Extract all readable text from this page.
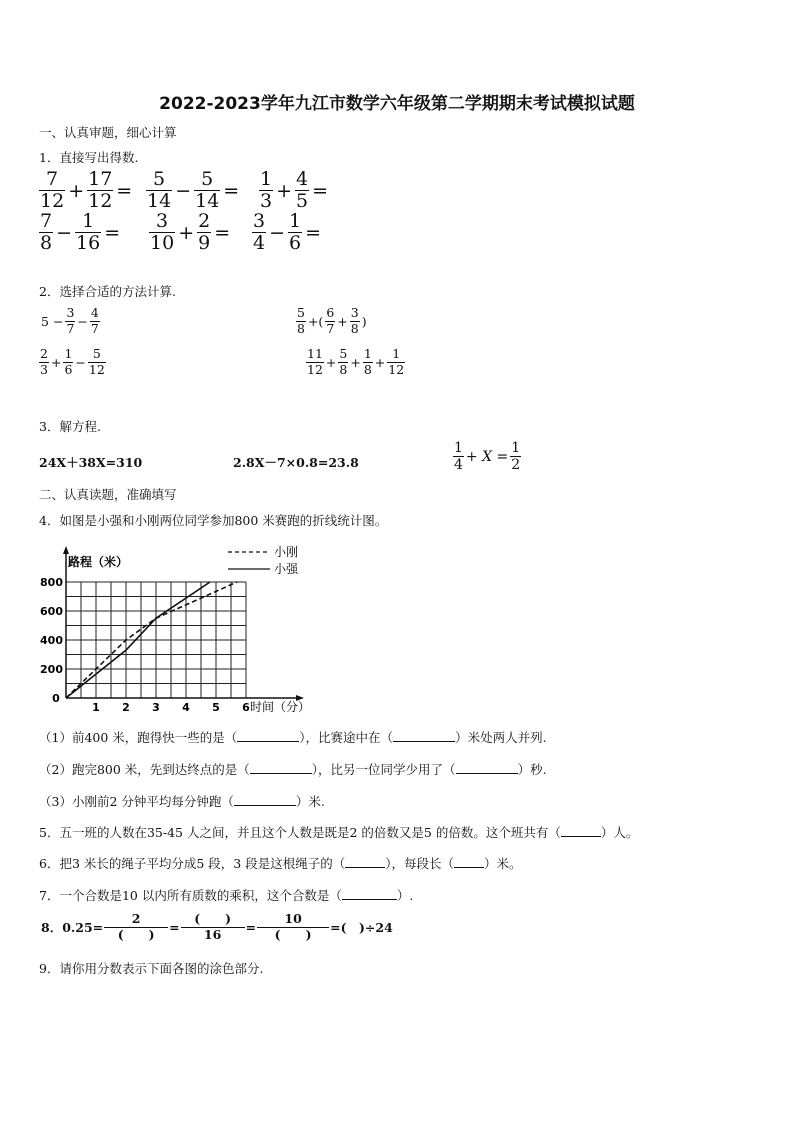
2022-2023学年九江市数学六年级第二学期期末考试模拟试题
一、认真审题，细心计算
1．直接写出得数.
$\frac{7}{12} + \frac{17}{12} = \frac{5}{14} - \frac{5}{14} = \frac{1}{3} + \frac{4}{5}$ =
$\frac{7}{8} - \frac{1}{16} = \frac{3}{10} + \frac{2}{9} = \frac{3}{4} - \frac{1}{6}$ =
2．选择合适的方法计算.
$5 - \frac{3}{7} - \frac{4}{7}$	$\frac{5}{8}$ +( $\frac{6}{7} + \frac{3}{8}$ )
$\frac{2}{3} + \frac{1}{6} - \frac{5}{12}$	$\frac{11}{12} + \frac{5}{8} + \frac{1}{8} + \frac{1}{12}$
3．解方程.
24X＋38X=310	2.8X－7×0.8=23.8	$\frac{1}{4} + X = \frac{1}{2}$
二、认真读题，准确填写
4．如图是小强和小刚两位同学参加800 米赛跑的折线统计图。
0
1 2 3 4 5 6
200
400
600
800
路程（米）
时间（分）
小刚
小强
（1）前400 米，跑得快一些的是（	），比赛途中在（	）米处两人并列.
（2）跑完800 米，先到达终点的是（	），比另一位同学少用了（	）秒.
（3）小刚前2 分钟平均每分钟跑（	）米.
5．五一班的人数在35-45 人之间，并且这个人数是既是2 的倍数又是5 的倍数。这个班共有（	）人。
6．把3 米长的绳子平均分成5 段，3 段是这根绳子的（	），每段长（ ）米。
7．一个合数是10 以内所有质数的乘积，这个合数是（	）.
8．$0.25= \frac{2}{( )} = \frac{( )}{16} = \frac{10}{( )}$ =(　)÷24
9．请你用分数表示下面各图的涂色部分.
